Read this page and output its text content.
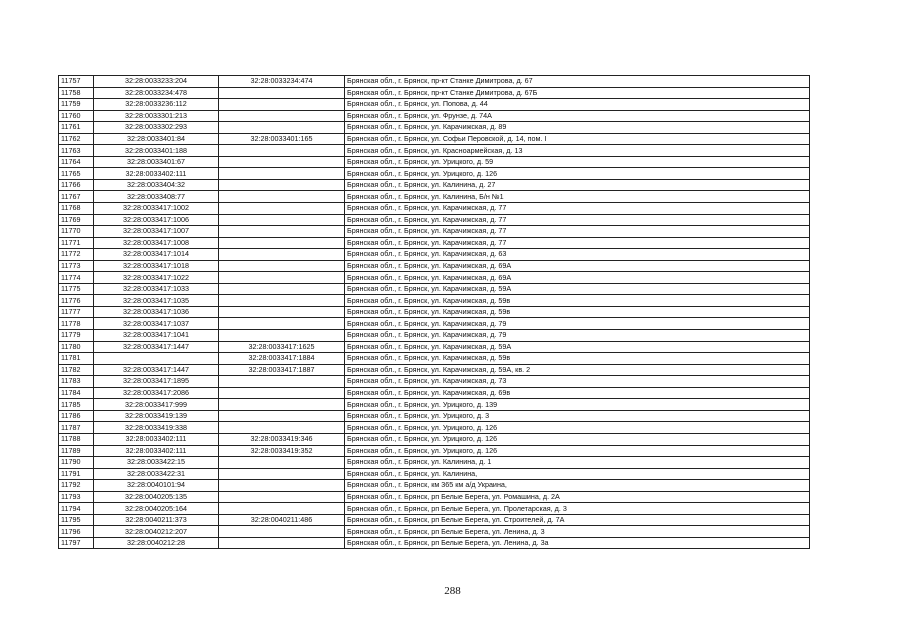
11757	32:28:0033233:204	32:28:0033234:474	Брянская обл., г. Брянск, пр-кт Станке Димитрова, д. 67
11758	32:28:0033234:478		Брянская обл., г. Брянск, пр-кт Станке Димитрова, д. 67Б
11759	32:28:0033236:112		Брянская обл., г. Брянск, ул. Попова, д. 44
11760	32:28:0033301:213		Брянская обл., г. Брянск, ул. Фрунзе, д. 74А
11761	32:28:0033302:293		Брянская обл., г. Брянск, ул. Карачижская, д. 89
11762	32:28:0033401:84	32:28:0033401:165	Брянская обл., г. Брянск, ул. Софьи Перовской, д. 14, пом. I
11763	32:28:0033401:188		Брянская обл., г. Брянск, ул. Красноармейская, д. 13
11764	32:28:0033401:67		Брянская обл., г. Брянск, ул. Урицкого, д. 59
11765	32:28:0033402:111		Брянская обл., г. Брянск, ул. Урицкого, д. 126
11766	32:28:0033404:32		Брянская обл., г. Брянск, ул. Калинина, д. 27
11767	32:28:0033408:77		Брянская обл., г. Брянск, ул. Калинина, Б/н №1
11768	32:28:0033417:1002		Брянская обл., г. Брянск, ул. Карачижская, д. 77
11769	32:28:0033417:1006		Брянская обл., г. Брянск, ул. Карачижская, д. 77
11770	32:28:0033417:1007		Брянская обл., г. Брянск, ул. Карачижская, д. 77
11771	32:28:0033417:1008		Брянская обл., г. Брянск, ул. Карачижская, д. 77
11772	32:28:0033417:1014		Брянская обл., г. Брянск, ул. Карачижская, д. 63
11773	32:28:0033417:1018		Брянская обл., г. Брянск, ул. Карачижская, д. 69А
11774	32:28:0033417:1022		Брянская обл., г. Брянск, ул. Карачижская, д. 69А
11775	32:28:0033417:1033		Брянская обл., г. Брянск, ул. Карачижская, д. 59А
11776	32:28:0033417:1035		Брянская обл., г. Брянск, ул. Карачижская, д. 59в
11777	32:28:0033417:1036		Брянская обл., г. Брянск, ул. Карачижская, д. 59в
11778	32:28:0033417:1037		Брянская обл., г. Брянск, ул. Карачижская, д. 79
11779	32:28:0033417:1041		Брянская обл., г. Брянск, ул. Карачижская, д. 79
11780	32:28:0033417:1447	32:28:0033417:1625	Брянская обл., г. Брянск, ул. Карачижская, д. 59А
11781		32:28:0033417:1884	Брянская обл., г. Брянск, ул. Карачижская, д. 59в
11782	32:28:0033417:1447	32:28:0033417:1887	Брянская обл., г. Брянск, ул. Карачижская, д. 59А, кв. 2
11783	32:28:0033417:1895		Брянская обл., г. Брянск, ул. Карачижская, д. 73
11784	32:28:0033417:2086		Брянская обл., г. Брянск, ул. Карачижская, д. 69в
11785	32:28:0033417:999		Брянская обл., г. Брянск, ул. Урицкого, д. 139
11786	32:28:0033419:139		Брянская обл., г. Брянск, ул. Урицкого, д. 3
11787	32:28:0033419:338		Брянская обл., г. Брянск, ул. Урицкого, д. 126
11788	32:28:0033402:111	32:28:0033419:346	Брянская обл., г. Брянск, ул. Урицкого, д. 126
11789	32:28:0033402:111	32:28:0033419:352	Брянская обл., г. Брянск, ул. Урицкого, д. 126
11790	32:28:0033422:15		Брянская обл., г. Брянск, ул. Калинина, д. 1
11791	32:28:0033422:31		Брянская обл., г. Брянск, ул. Калинина,
11792	32:28:0040101:94		Брянская обл., г. Брянск, км 365 км а/д Украина,
11793	32:28:0040205:135		Брянская обл., г. Брянск, рп Белые Берега, ул. Ромашина, д. 2А
11794	32:28:0040205:164		Брянская обл., г. Брянск, рп Белые Берега, ул. Пролетарская, д. 3
11795	32:28:0040211:373	32:28:0040211:486	Брянская обл., г. Брянск, рп Белые Берега, ул. Строителей, д. 7А
11796	32:28:0040212:207		Брянская обл., г. Брянск, рп Белые Берега, ул. Ленина, д. 3
11797	32:28:0040212:28		Брянская обл., г. Брянск, рп Белые Берега, ул. Ленина, д. 3а
288
